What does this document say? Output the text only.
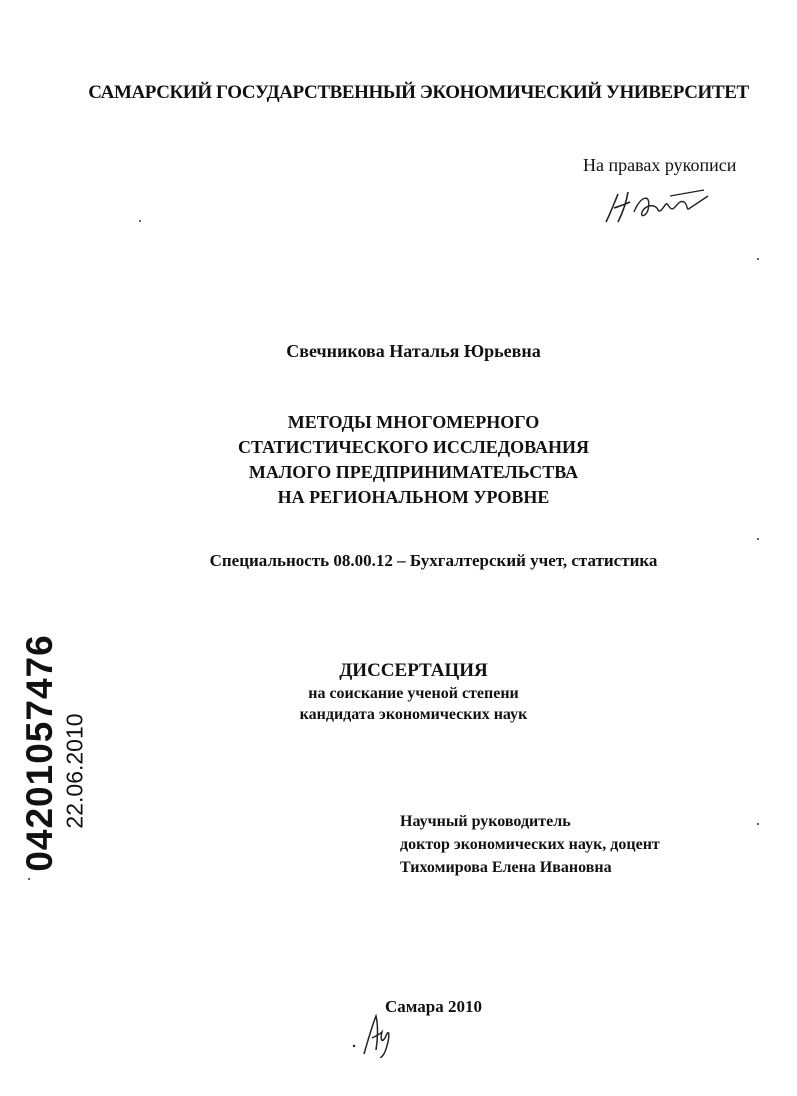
САМАРСКИЙ ГОСУДАРСТВЕННЫЙ ЭКОНОМИЧЕСКИЙ УНИВЕРСИТЕТ
На правах рукописи
Свечникова Наталья Юрьевна
МЕТОДЫ МНОГОМЕРНОГО
СТАТИСТИЧЕСКОГО ИССЛЕДОВАНИЯ
МАЛОГО ПРЕДПРИНИМАТЕЛЬСТВА
НА РЕГИОНАЛЬНОМ УРОВНЕ
Специальность 08.00.12 – Бухгалтерский учет, статистика
ДИССЕРТАЦИЯ
на соискание ученой степени
кандидата экономических наук
Научный руководитель
доктор экономических наук, доцент
Тихомирова Елена Ивановна
Самара 2010
04201057476 22.06.2010
